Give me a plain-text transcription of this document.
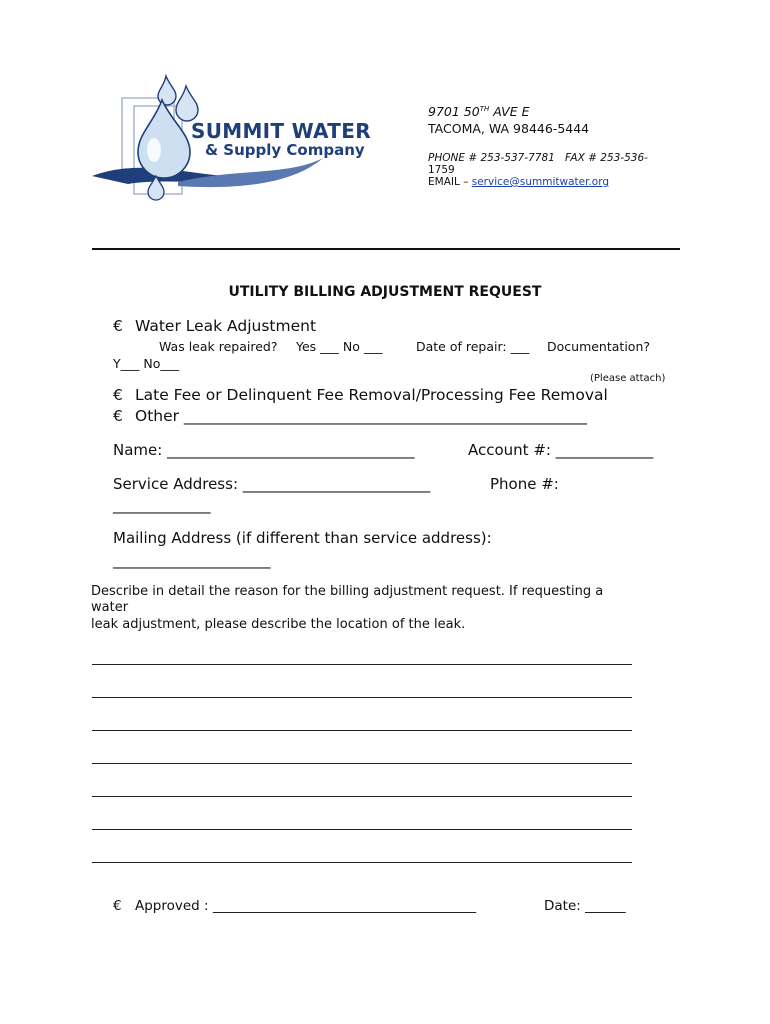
SUMMIT WATER
& Supply Company
9701 50TH AVE E
TACOMA, WA 98446-5444
PHONE # 253-537-7781 FAX # 253-536-
1759
EMAIL – service@summitwater.org
UTILITY BILLING ADJUSTMENT REQUEST
€ Water Leak Adjustment
Was leak repaired? Yes ___ No ___	Date of repair: ___ Documentation?
Y___ No___
(Please attach)
€ Late Fee or Delinquent Fee Removal/Processing Fee Removal
€ Other ____________________________________________________
Name: _________________________________	Account #: _____________
Service Address: _________________________	Phone #:
_____________
Mailing Address (if different than service address):
_____________________
Describe in detail the reason for the billing adjustment request. If requesting a
water
leak adjustment, please describe the location of the leak.
€ Approved : _______________________________________	Date: ______
